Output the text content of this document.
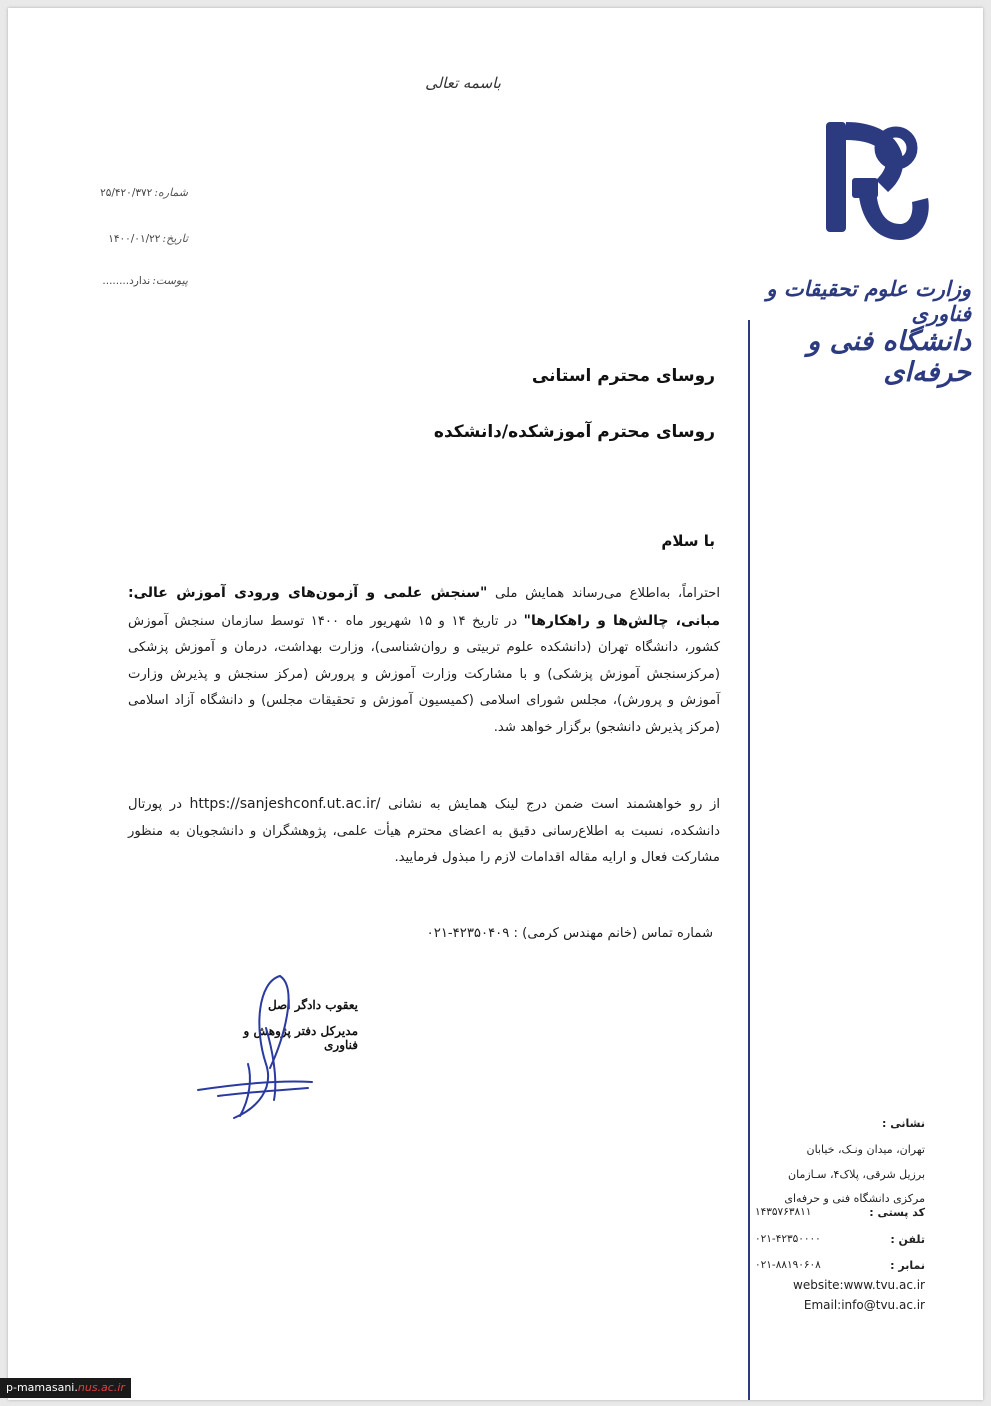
باسمه تعالی
شماره:۲۵/۴۲۰/۳۷۲
تاریخ:۱۴۰۰/۰۱/۲۲
پیوست:ندارد........	وزارت علوم تحقیقات و فناوری
دانشگاه فنی و حرفه‌ای
روسای محترم استانی
روسای محترم آموزشکده/دانشکده
با سلام
احتراماً، به‌اطلاع می‌رساند همایش ملی "سنجش علمی و آزمون‌های ورودی آموزش عالی: مبانی، چالش‌ها و راهکارها" در تاریخ ۱۴ و ۱۵ شهریور ماه ۱۴۰۰ توسط سازمان سنجش آموزش کشور، دانشگاه تهران (دانشکده علوم تربیتی و روان‌شناسی)، وزارت بهداشت، درمان و آموزش پزشکی (مرکزسنجش آموزش پزشکی) و با مشارکت وزارت آموزش و پرورش (مرکز سنجش و پذیرش وزارت آموزش و پرورش)، مجلس شورای اسلامی (کمیسیون آموزش و تحقیقات مجلس) و دانشگاه آزاد اسلامی (مرکز پذیرش دانشجو) برگزار خواهد شد.
از رو خواهشمند است ضمن درج لینک همایش به نشانی https://sanjeshconf.ut.ac.ir/ در پورتال دانشکده، نسبت به اطلاع‌رسانی دقیق به اعضای محترم هیأت علمی، پژوهشگران و دانشجویان به منظور مشارکت فعال و ارایه مقاله اقدامات لازم را مبذول فرمایید.
شماره تماس (خانم مهندس کرمی) : ۰۲۱-۴۲۳۵۰۴۰۹
یعقوب دادگر اصل
مدیرکل دفتر پژوهش و فناوری
نشانی :
تهران، میدان ونـک، خیابان
برزیل شرقی، پلاک۴، سـازمان
مرکزی دانشگاه فنی و حرفه‌ای
کد پستی :
۱۴۳۵۷۶۳۸۱۱
تلفن :
۰۲۱-۴۲۳۵۰۰۰۰
نمابر :
۰۲۱-۸۸۱۹۰۶۰۸
website:www.tvu.ac.ir
Email:info@tvu.ac.ir
p-mamasani.nus.ac.ir
